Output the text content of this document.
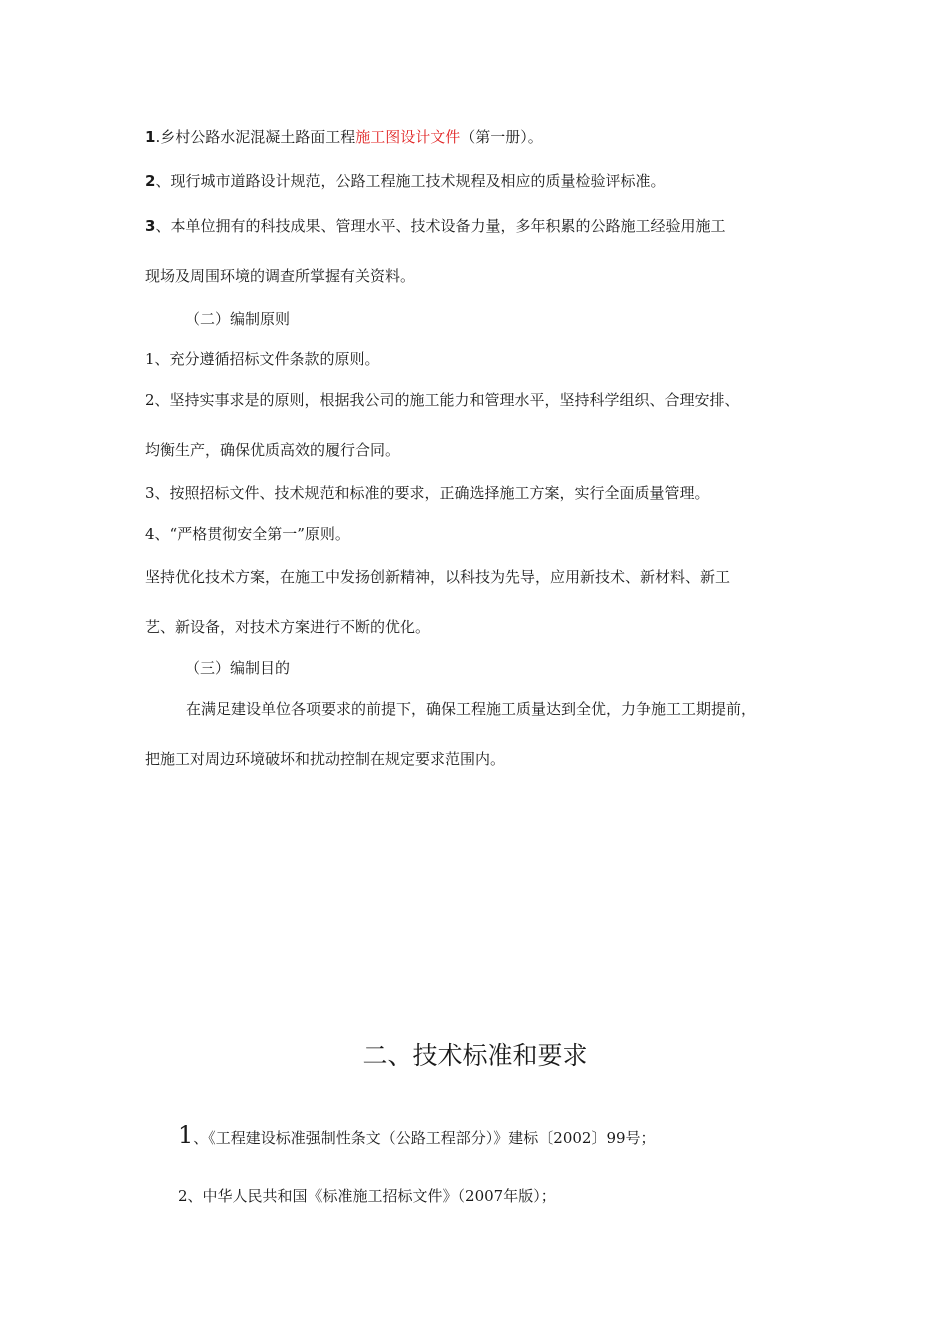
1.乡村公路水泥混凝土路面工程施工图设计文件（第一册）。
2、现行城市道路设计规范，公路工程施工技术规程及相应的质量检验评标准。
3、本单位拥有的科技成果、管理水平、技术设备力量，多年积累的公路施工经验用施工
现场及周围环境的调查所掌握有关资料。
（二）编制原则
1、充分遵循招标文件条款的原则。
2、坚持实事求是的原则，根据我公司的施工能力和管理水平，坚持科学组织、合理安排、
均衡生产，确保优质高效的履行合同。
3、按照招标文件、技术规范和标准的要求，正确选择施工方案，实行全面质量管理。
4、“严格贯彻安全第一”原则。
坚持优化技术方案，在施工中发扬创新精神，以科技为先导，应用新技术、新材料、新工
艺、新设备，对技术方案进行不断的优化。
（三）编制目的
在满足建设单位各项要求的前提下，确保工程施工质量达到全优，力争施工工期提前，
把施工对周边环境破坏和扰动控制在规定要求范围内。
二、技术标准和要求
1、《工程建设标准强制性条文（公路工程部分）》建标〔2002〕99号；
2、中华人民共和国《标准施工招标文件》（2007年版）；
